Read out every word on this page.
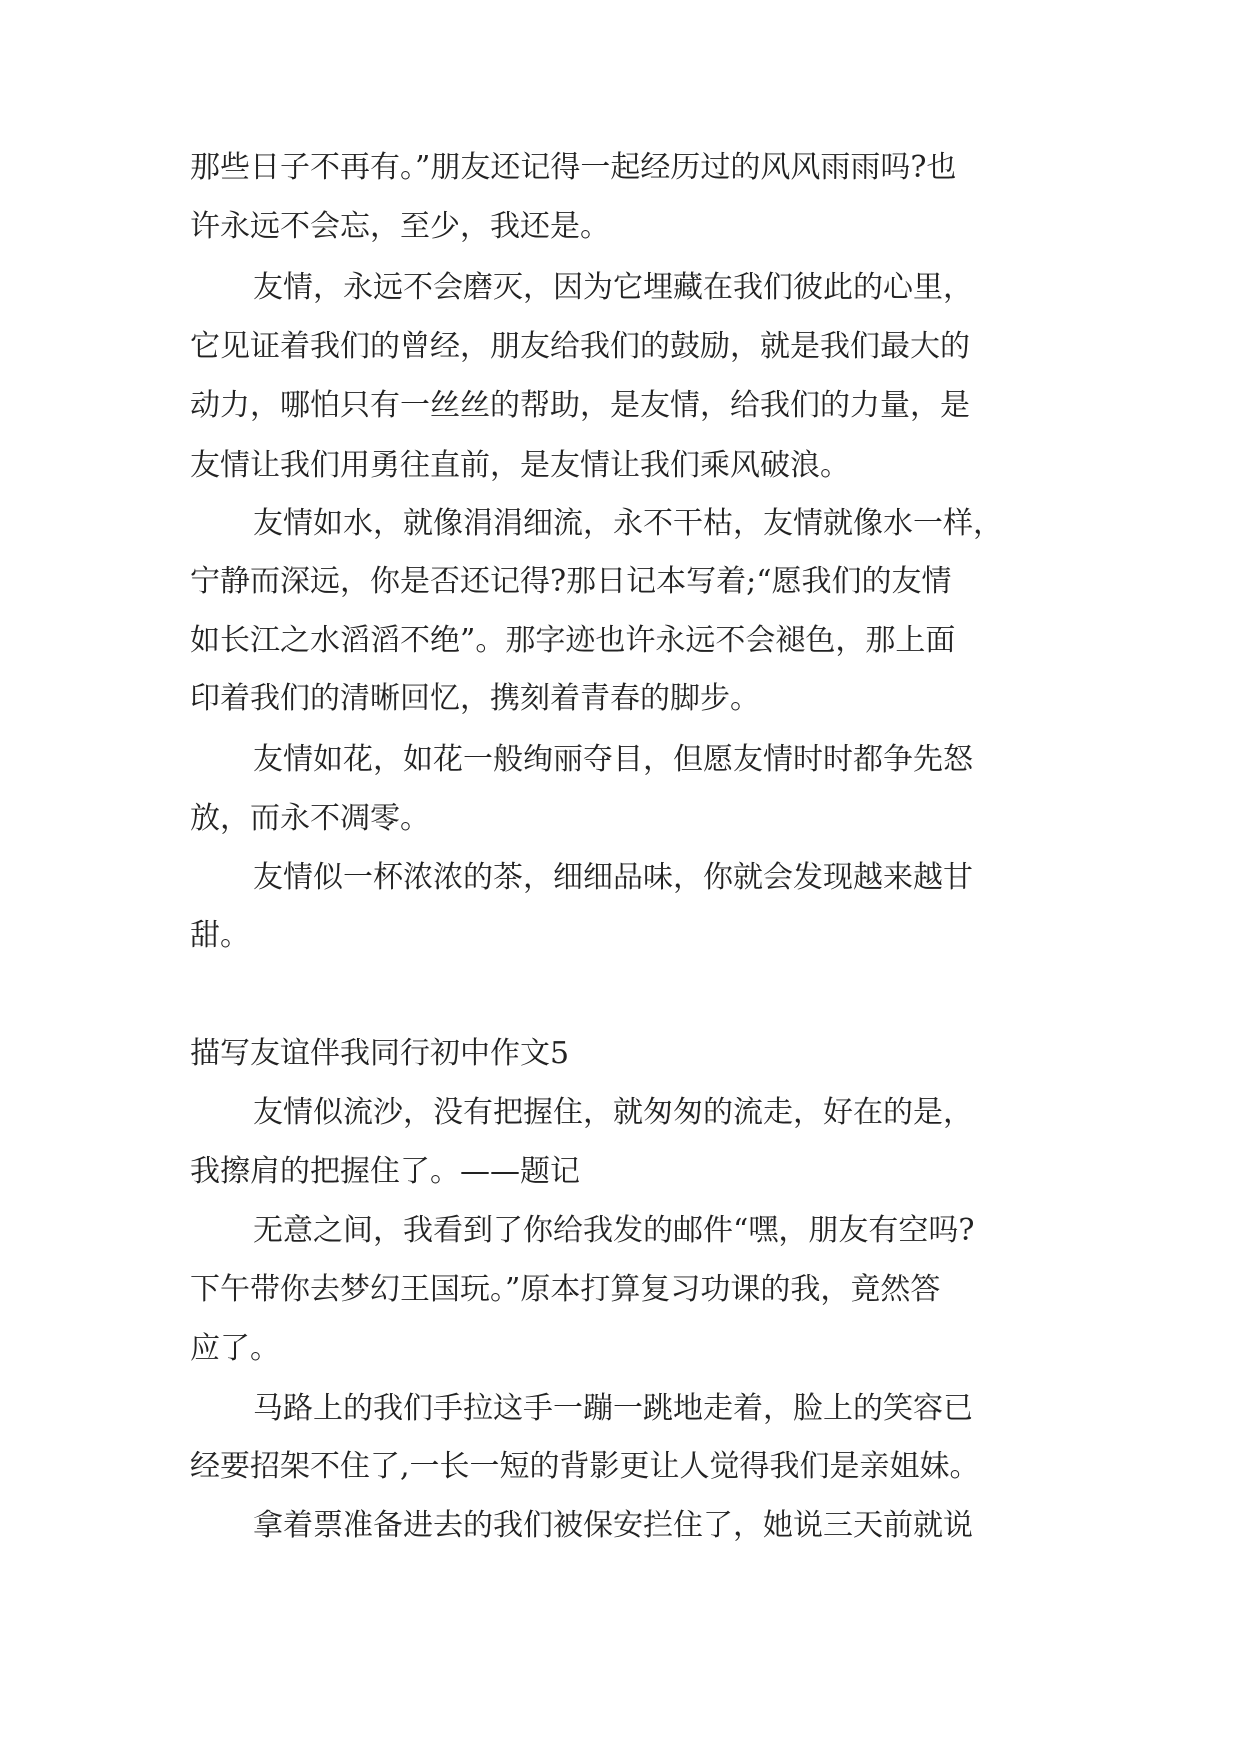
那些日子不再有。”朋友还记得一起经历过的风风雨雨吗?也
许永远不会忘，至少，我还是。
友情，永远不会磨灭，因为它埋藏在我们彼此的心里，
它见证着我们的曾经，朋友给我们的鼓励，就是我们最大的
动力，哪怕只有一丝丝的帮助，是友情，给我们的力量，是
友情让我们用勇往直前，是友情让我们乘风破浪。
友情如水，就像涓涓细流，永不干枯，友情就像水一样，
宁静而深远，你是否还记得?那日记本写着;“愿我们的友情
如长江之水滔滔不绝”。那字迹也许永远不会褪色，那上面
印着我们的清晰回忆，携刻着青春的脚步。
友情如花，如花一般绚丽夺目，但愿友情时时都争先怒
放，而永不凋零。
友情似一杯浓浓的茶，细细品味，你就会发现越来越甘
甜。
描写友谊伴我同行初中作文5
友情似流沙，没有把握住，就匆匆的流走，好在的是，
我擦肩的把握住了。——题记
无意之间，我看到了你给我发的邮件“嘿，朋友有空吗?
下午带你去梦幻王国玩。”原本打算复习功课的我，竟然答
应了。
马路上的我们手拉这手一蹦一跳地走着，脸上的笑容已
经要招架不住了,一长一短的背影更让人觉得我们是亲姐妹。
拿着票准备进去的我们被保安拦住了，她说三天前就说
